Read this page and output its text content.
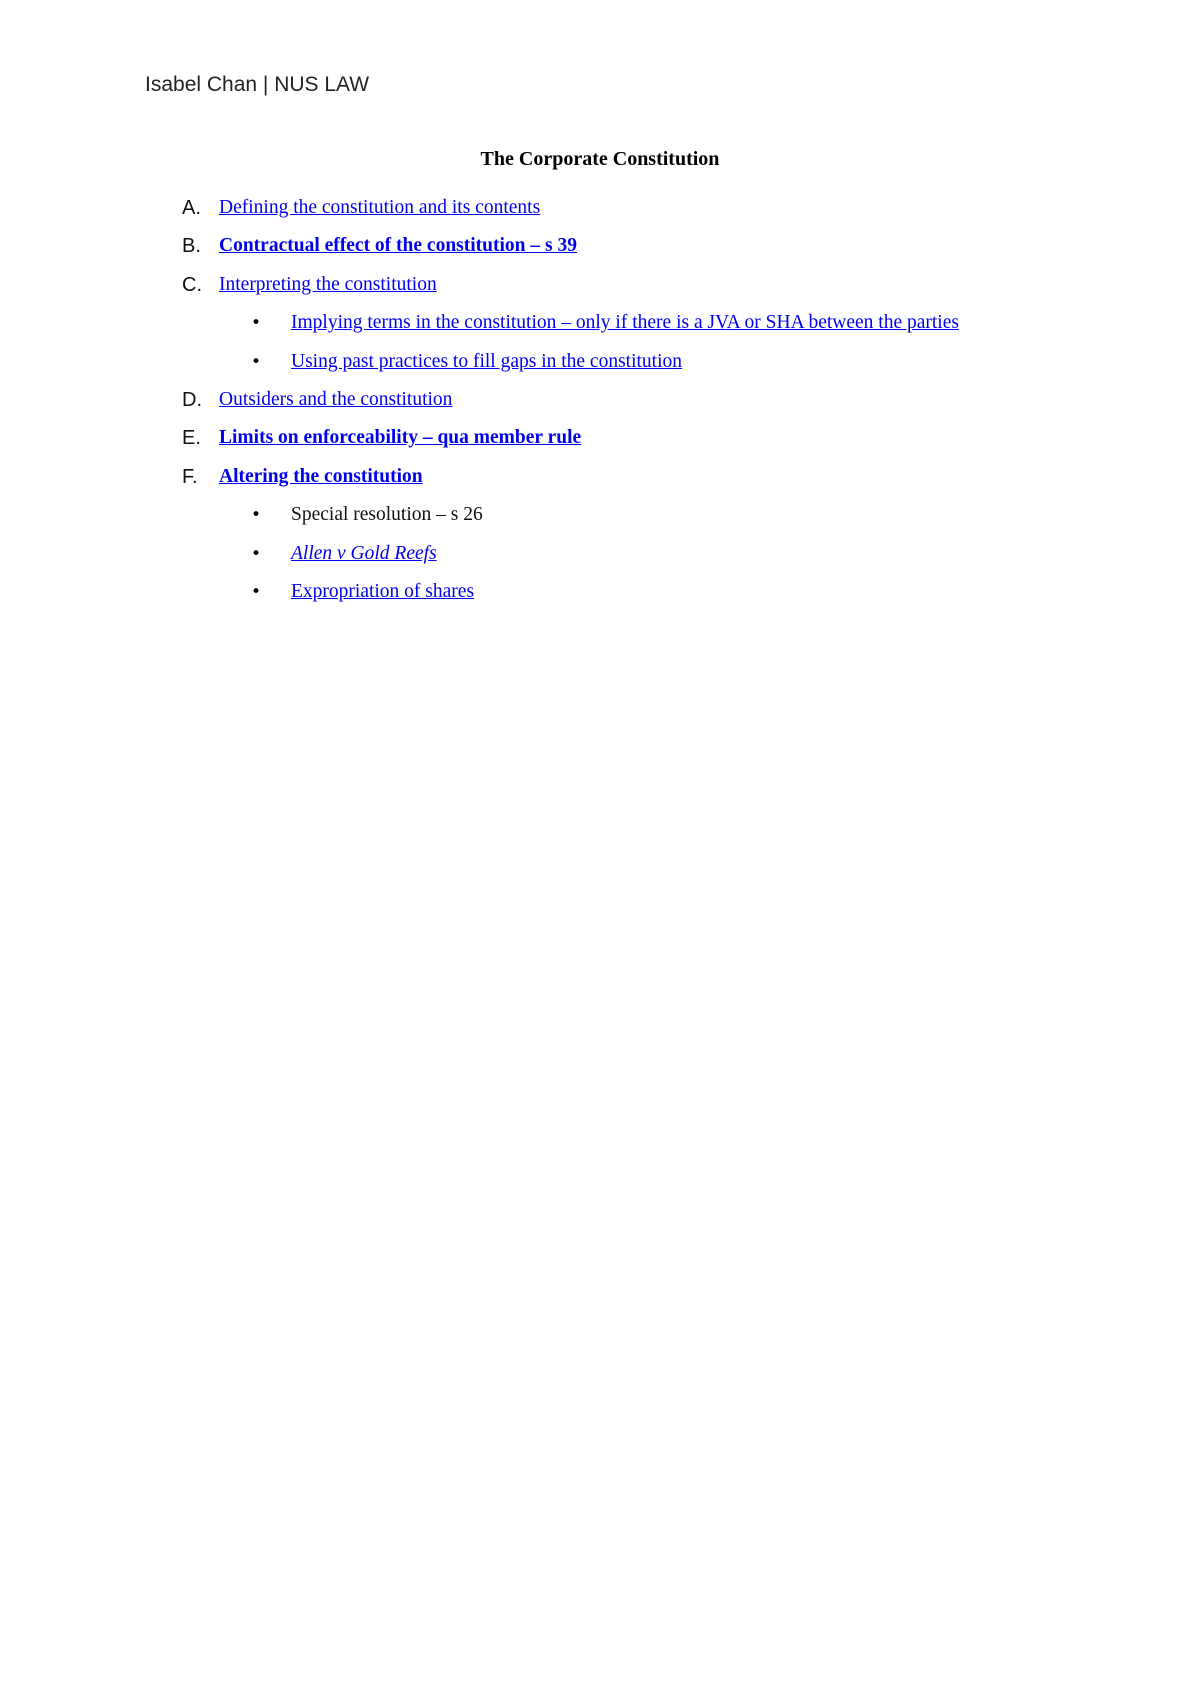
Isabel Chan | NUS LAW
The Corporate Constitution
A. Defining the constitution and its contents
B. Contractual effect of the constitution – s 39
C. Interpreting the constitution
• Implying terms in the constitution – only if there is a JVA or SHA between the parties
• Using past practices to fill gaps in the constitution
D. Outsiders and the constitution
E. Limits on enforceability – qua member rule
F. Altering the constitution
• Special resolution – s 26
• Allen v Gold Reefs
• Expropriation of shares
